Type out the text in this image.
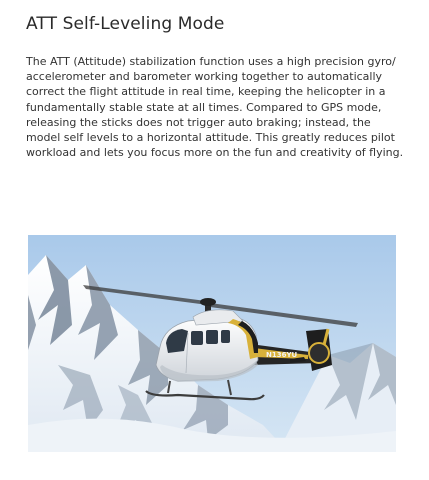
ATT Self-Leveling Mode

The ATT (Attitude) stabilization function uses a high precision gyro/ accelerometer and barometer working together to automatically correct the flight attitude in real time, keeping the helicopter in a fundamentally stable state at all times. Compared to GPS mode, releasing the sticks does not trigger auto braking; instead, the model self levels to a horizontal attitude. This greatly reduces pilot workload and lets you focus more on the fun and creativity of flying.

N136YU
